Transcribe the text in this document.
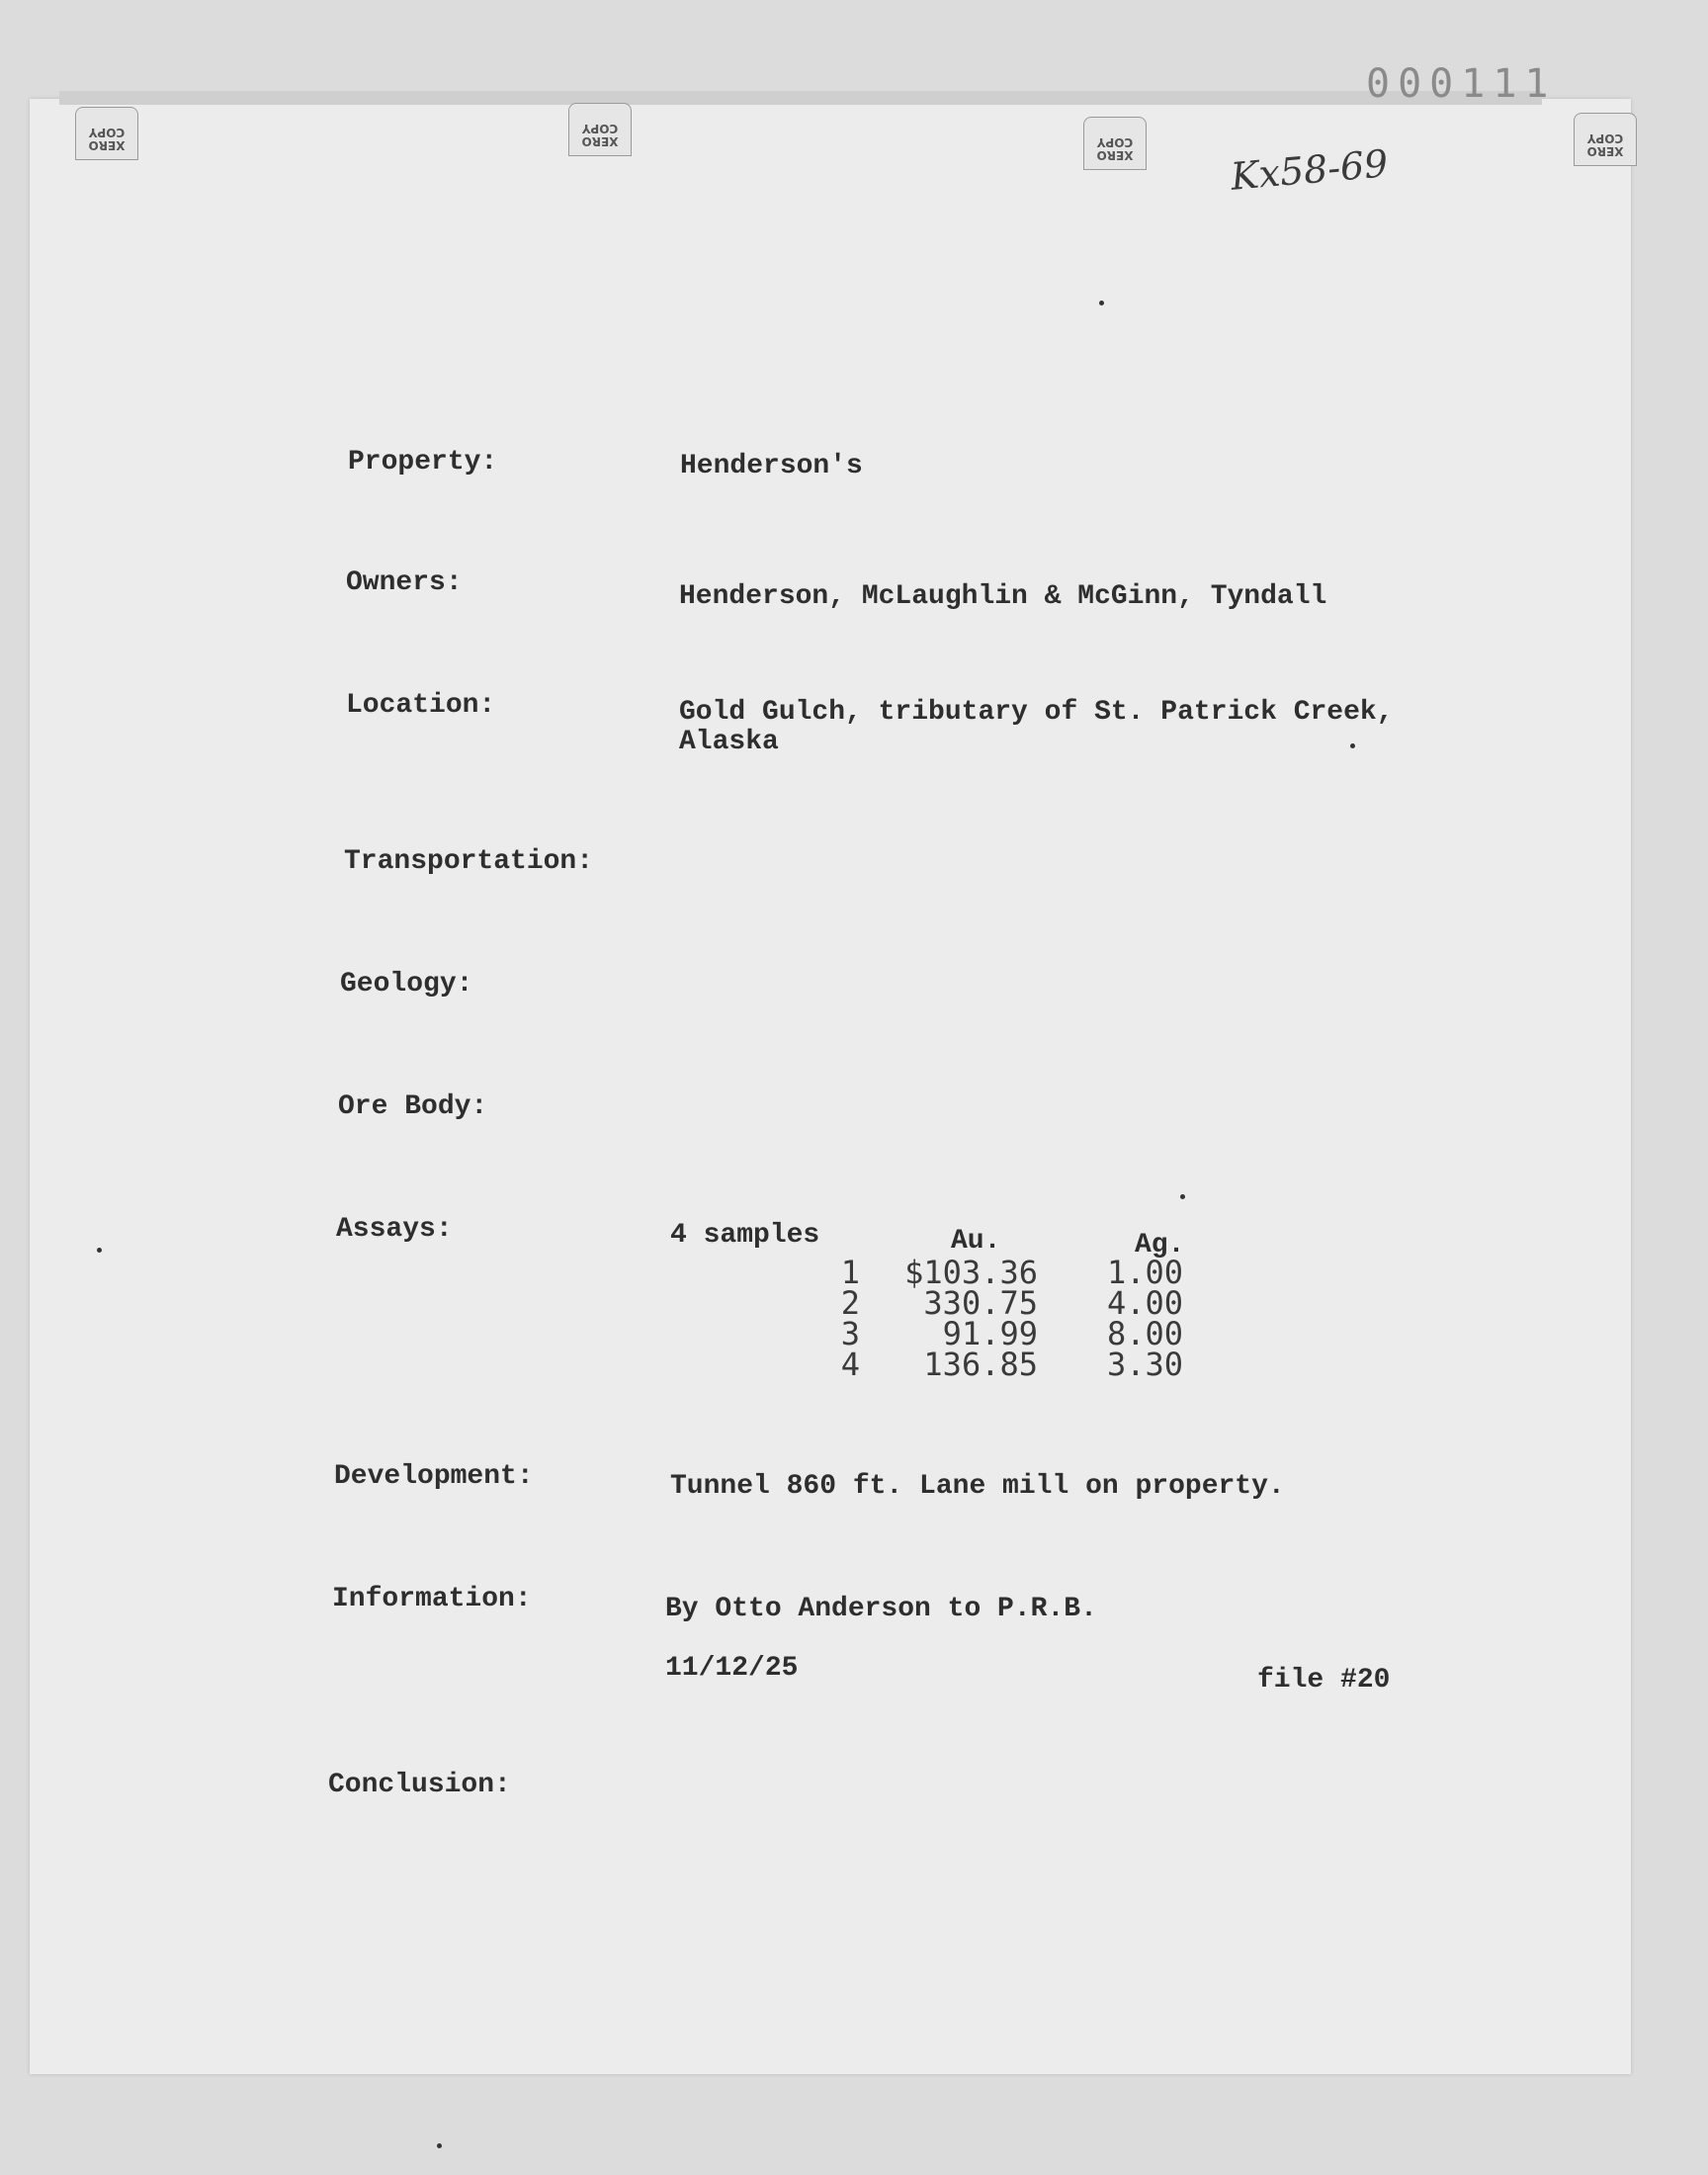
XERO
COPY
XERO
COPY
XERO
COPY
XERO
COPY
000111
Kx58-69
Property:	Henderson's
Owners:	Henderson, McLaughlin & McGinn, Tyndall
Location:	Gold Gulch, tributary of St. Patrick Creek,
Alaska
Transportation:
Geology:
Ore Body:
Assays:	4 samples	Au.	Ag.
1	$103.36 1.00
2	330.75 4.00
3	91.99 8.00
4	136.85 3.30
Development:	Tunnel 860 ft. Lane mill on property.
Information:	By Otto Anderson to P.R.B.
11/12/25	file #20
Conclusion:
